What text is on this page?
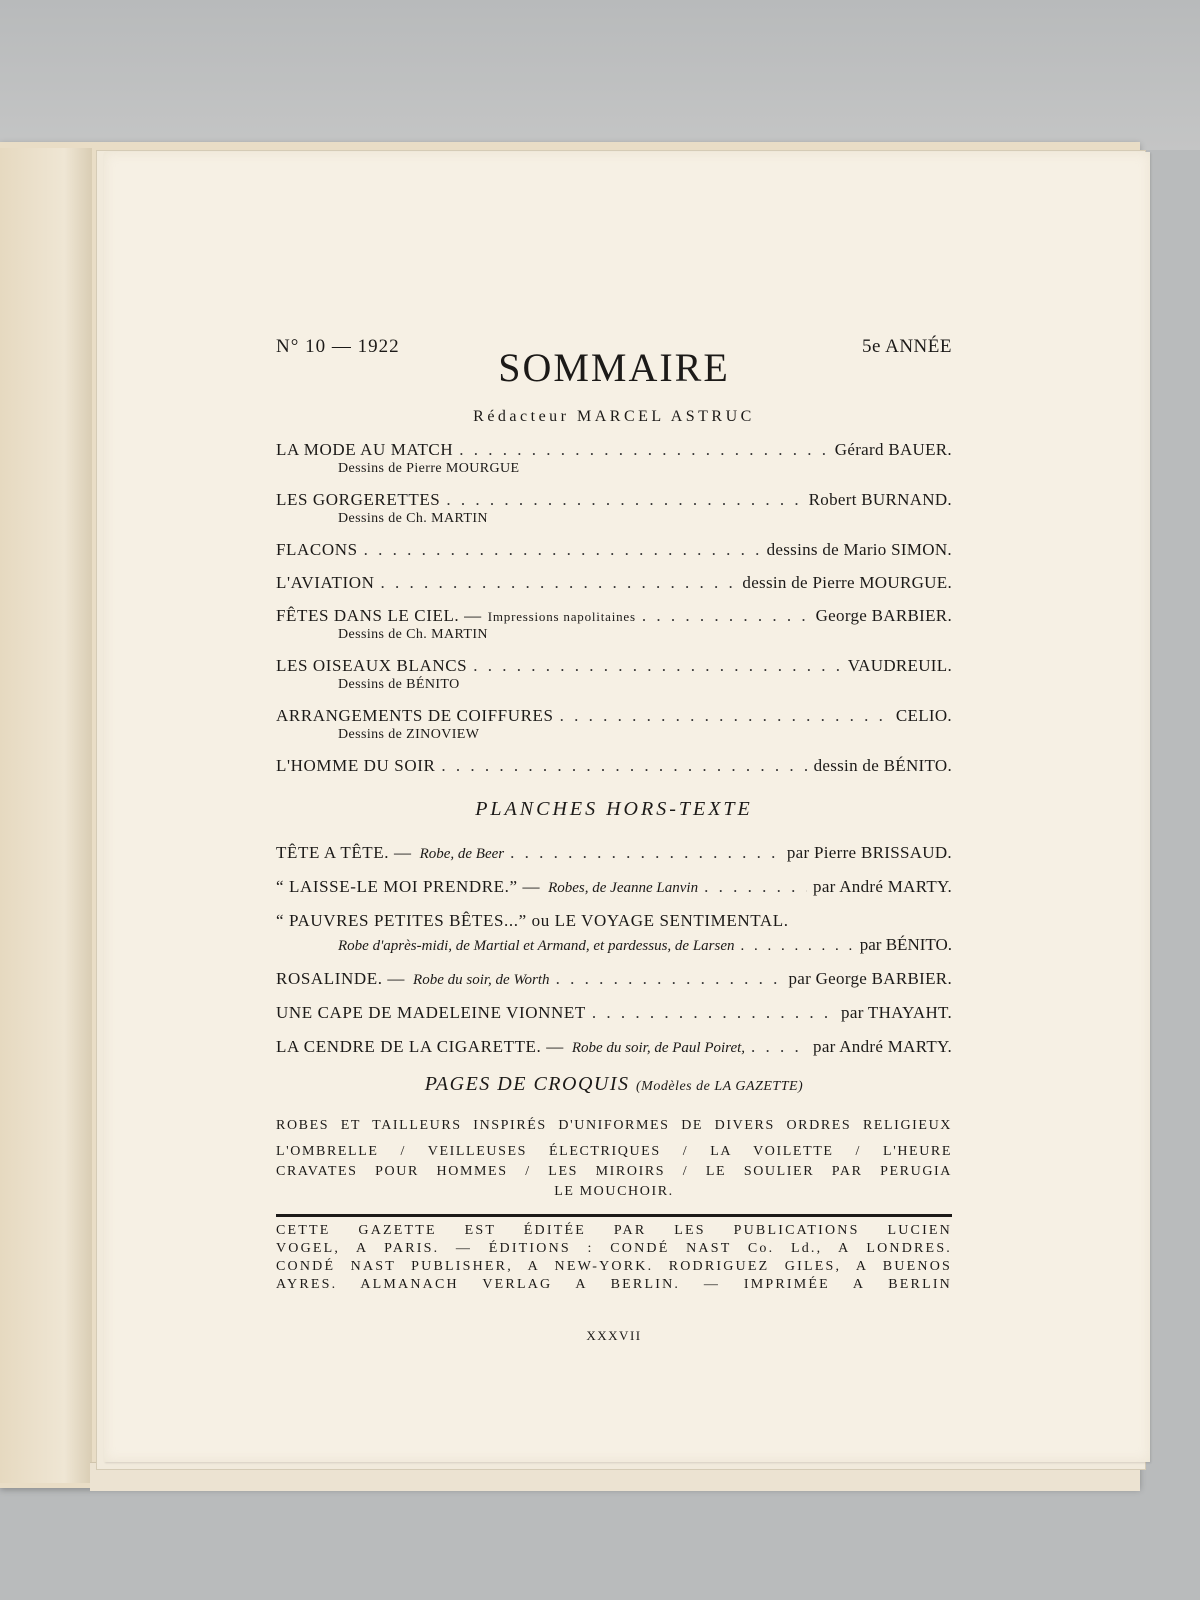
N° 10 — 1922	5e ANNÉE
SOMMAIRE
Rédacteur MARCEL ASTRUC
LA MODE AU MATCH . . .	Gérard BAUER.
Dessins de Pierre MOURGUE
LES GORGERETTES . . .	Robert BURNAND.
Dessins de Ch. MARTIN
FLACONS . . .	dessins de Mario SIMON.
L'AVIATION . . .	dessin de Pierre MOURGUE.
FÊTES DANS LE CIEL. — Impressions napolitaines . . .	George BARBIER.
Dessins de Ch. MARTIN
LES OISEAUX BLANCS . . .	VAUDREUIL.
Dessins de BÉNITO
ARRANGEMENTS DE COIFFURES . . .	CELIO.
Dessins de ZINOVIEW
L'HOMME DU SOIR . . .	dessin de BÉNITO.
PLANCHES HORS-TEXTE
TÊTE A TÊTE. — Robe, de Beer . . .	par Pierre BRISSAUD.
“ LAISSE-LE MOI PRENDRE.” — Robes, de Jeanne Lanvin . . .	par André MARTY.
“ PAUVRES PETITES BÊTES...” ou LE VOYAGE SENTIMENTAL.
Robe d'après-midi, de Martial et Armand, et pardessus, de Larsen . . .	par BÉNITO.
ROSALINDE. — Robe du soir, de Worth . . .	par George BARBIER.
UNE CAPE DE MADELEINE VIONNET . . .	par THAYAHT.
LA CENDRE DE LA CIGARETTE. — Robe du soir, de Paul Poiret, . . .	par André MARTY.
PAGES DE CROQUIS (Modèles de LA GAZETTE)
ROBES ET TAILLEURS INSPIRÉS D'UNIFORMES DE DIVERS ORDRES RELIGIEUX
L'OMBRELLE / VEILLEUSES ÉLECTRIQUES / LA VOILETTE / L'HEURE
CRAVATES POUR HOMMES / LES MIROIRS / LE SOULIER PAR PERUGIA
LE MOUCHOIR.
CETTE GAZETTE EST ÉDITÉE PAR LES PUBLICATIONS LUCIEN
VOGEL, A PARIS. — ÉDITIONS : CONDÉ NAST Co. Ld., A LONDRES.
CONDÉ NAST PUBLISHER, A NEW-YORK. RODRIGUEZ GILES, A BUENOS
AYRES. ALMANACH VERLAG A BERLIN. — IMPRIMÉE A BERLIN
XXXVII
